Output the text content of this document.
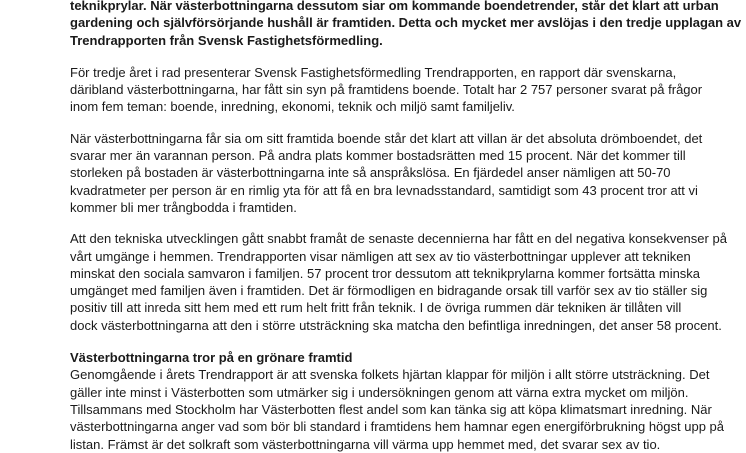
teknikprylar. När västerbottningarna dessutom siar om kommande boendetrender, står det klart att urban
gardening och självförsörjande hushåll är framtiden. Detta och mycket mer avslöjas i den tredje upplagan av
Trendrapporten från Svensk Fastighetsförmedling.
För tredje året i rad presenterar Svensk Fastighetsförmedling Trendrapporten, en rapport där svenskarna,
däribland västerbottningarna, har fått sin syn på framtidens boende. Totalt har 2 757 personer svarat på frågor
inom fem teman: boende, inredning, ekonomi, teknik och miljö samt familjeliv.
När västerbottningarna får sia om sitt framtida boende står det klart att villan är det absoluta drömboendet, det
svarar mer än varannan person. På andra plats kommer bostadsrätten med 15 procent. När det kommer till
storleken på bostaden är västerbottningarna inte så anspråkslösa. En fjärdedel anser nämligen att 50-70
kvadratmeter per person är en rimlig yta för att få en bra levnadsstandard, samtidigt som 43 procent tror att vi
kommer bli mer trångbodda i framtiden.
Att den tekniska utvecklingen gått snabbt framåt de senaste decennierna har fått en del negativa konsekvenser på
vårt umgänge i hemmen. Trendrapporten visar nämligen att sex av tio västerbottningar upplever att tekniken
minskat den sociala samvaron i familjen. 57 procent tror dessutom att teknikprylarna kommer fortsätta minska
umgänget med familjen även i framtiden. Det är förmodligen en bidragande orsak till varför sex av tio ställer sig
positiv till att inreda sitt hem med ett rum helt fritt från teknik. I de övriga rummen där tekniken är tillåten vill
dock västerbottningarna att den i större utsträckning ska matcha den befintliga inredningen, det anser 58 procent.
Västerbottningarna tror på en grönare framtid
Genomgående i årets Trendrapport är att svenska folkets hjärtan klappar för miljön i allt större utsträckning. Det
gäller inte minst i Västerbotten som utmärker sig i undersökningen genom att värna extra mycket om miljön.
Tillsammans med Stockholm har Västerbotten flest andel som kan tänka sig att köpa klimatsmart inredning. När
västerbottningarna anger vad som bör bli standard i framtidens hem hamnar egen energiförbrukning högst upp på
listan. Främst är det solkraft som västerbottningarna vill värma upp hemmet med, det svarar sex av tio.
